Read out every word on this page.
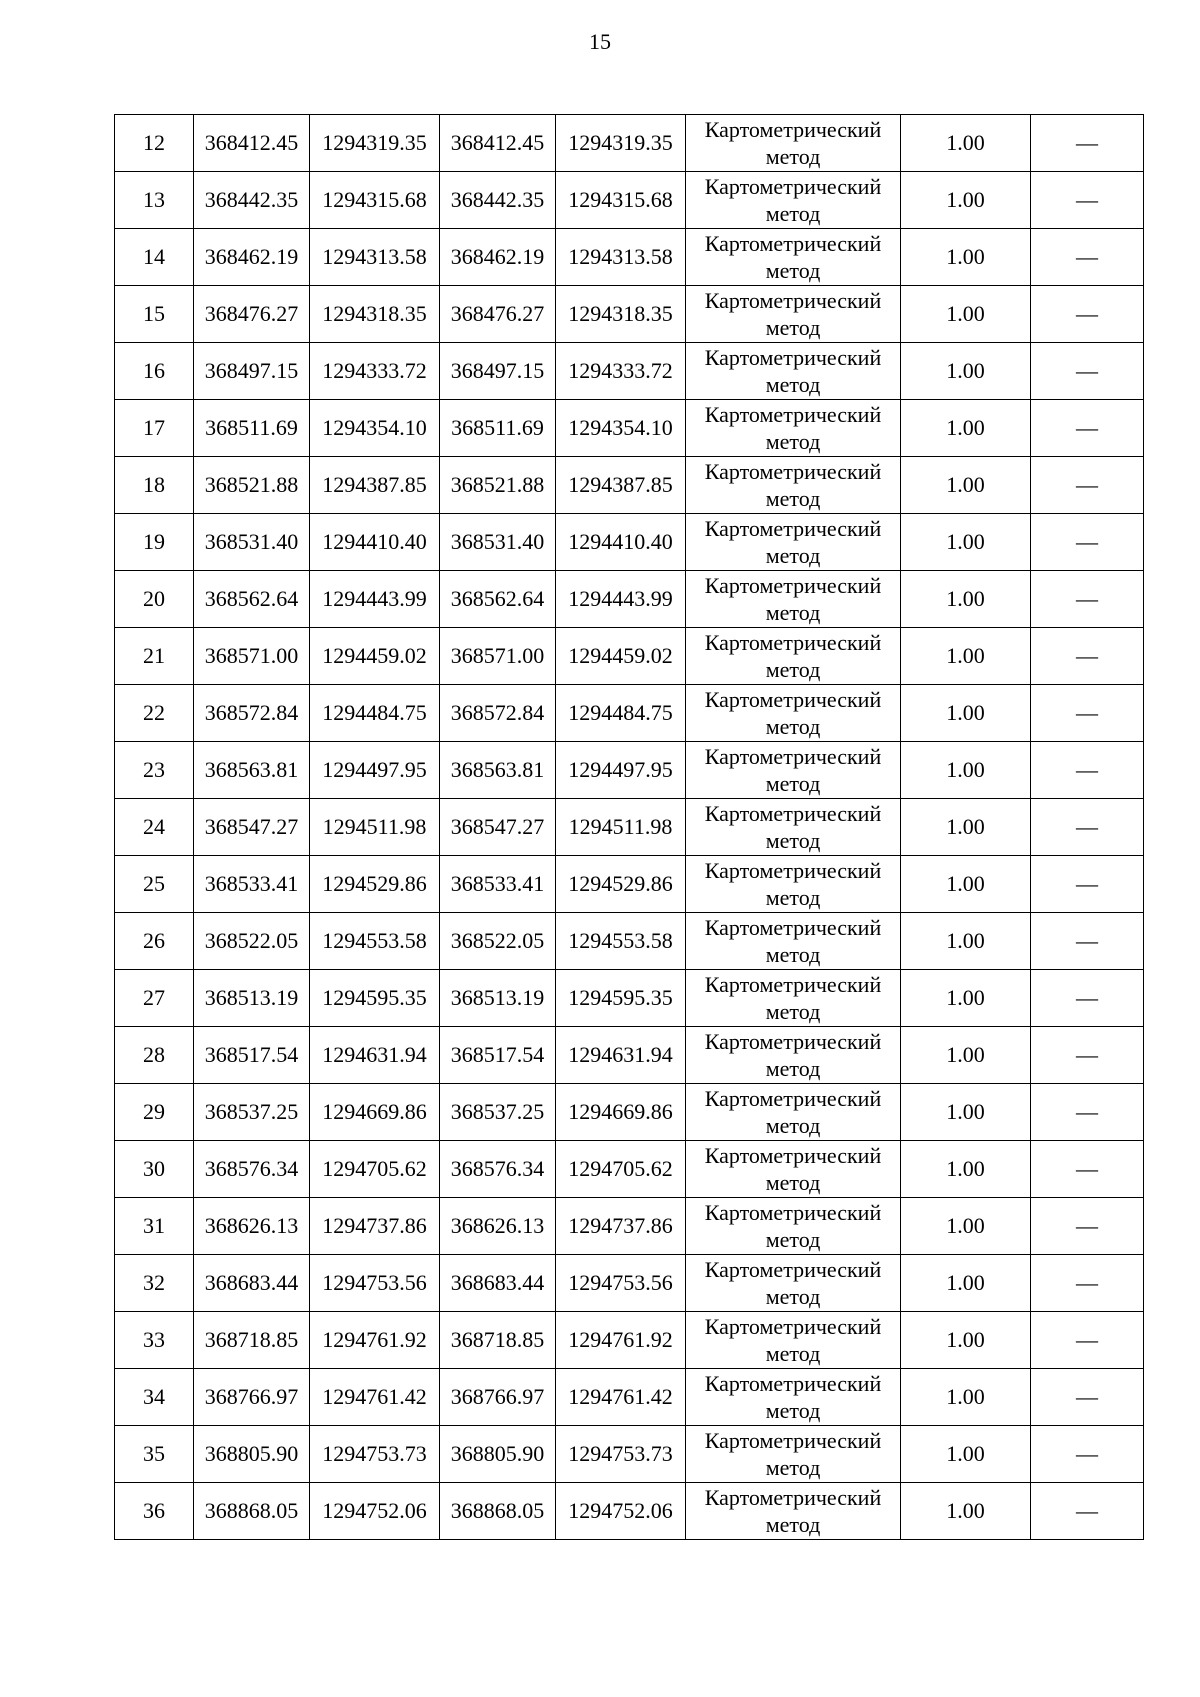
15
12	368412.45	1294319.35	368412.45	1294319.35	Картометрический
метод	1.00	—
13	368442.35	1294315.68	368442.35	1294315.68	Картометрический
метод	1.00	—
14	368462.19	1294313.58	368462.19	1294313.58	Картометрический
метод	1.00	—
15	368476.27	1294318.35	368476.27	1294318.35	Картометрический
метод	1.00	—
16	368497.15	1294333.72	368497.15	1294333.72	Картометрический
метод	1.00	—
17	368511.69	1294354.10	368511.69	1294354.10	Картометрический
метод	1.00	—
18	368521.88	1294387.85	368521.88	1294387.85	Картометрический
метод	1.00	—
19	368531.40	1294410.40	368531.40	1294410.40	Картометрический
метод	1.00	—
20	368562.64	1294443.99	368562.64	1294443.99	Картометрический
метод	1.00	—
21	368571.00	1294459.02	368571.00	1294459.02	Картометрический
метод	1.00	—
22	368572.84	1294484.75	368572.84	1294484.75	Картометрический
метод	1.00	—
23	368563.81	1294497.95	368563.81	1294497.95	Картометрический
метод	1.00	—
24	368547.27	1294511.98	368547.27	1294511.98	Картометрический
метод	1.00	—
25	368533.41	1294529.86	368533.41	1294529.86	Картометрический
метод	1.00	—
26	368522.05	1294553.58	368522.05	1294553.58	Картометрический
метод	1.00	—
27	368513.19	1294595.35	368513.19	1294595.35	Картометрический
метод	1.00	—
28	368517.54	1294631.94	368517.54	1294631.94	Картометрический
метод	1.00	—
29	368537.25	1294669.86	368537.25	1294669.86	Картометрический
метод	1.00	—
30	368576.34	1294705.62	368576.34	1294705.62	Картометрический
метод	1.00	—
31	368626.13	1294737.86	368626.13	1294737.86	Картометрический
метод	1.00	—
32	368683.44	1294753.56	368683.44	1294753.56	Картометрический
метод	1.00	—
33	368718.85	1294761.92	368718.85	1294761.92	Картометрический
метод	1.00	—
34	368766.97	1294761.42	368766.97	1294761.42	Картометрический
метод	1.00	—
35	368805.90	1294753.73	368805.90	1294753.73	Картометрический
метод	1.00	—
36	368868.05	1294752.06	368868.05	1294752.06	Картометрический
метод	1.00	—
